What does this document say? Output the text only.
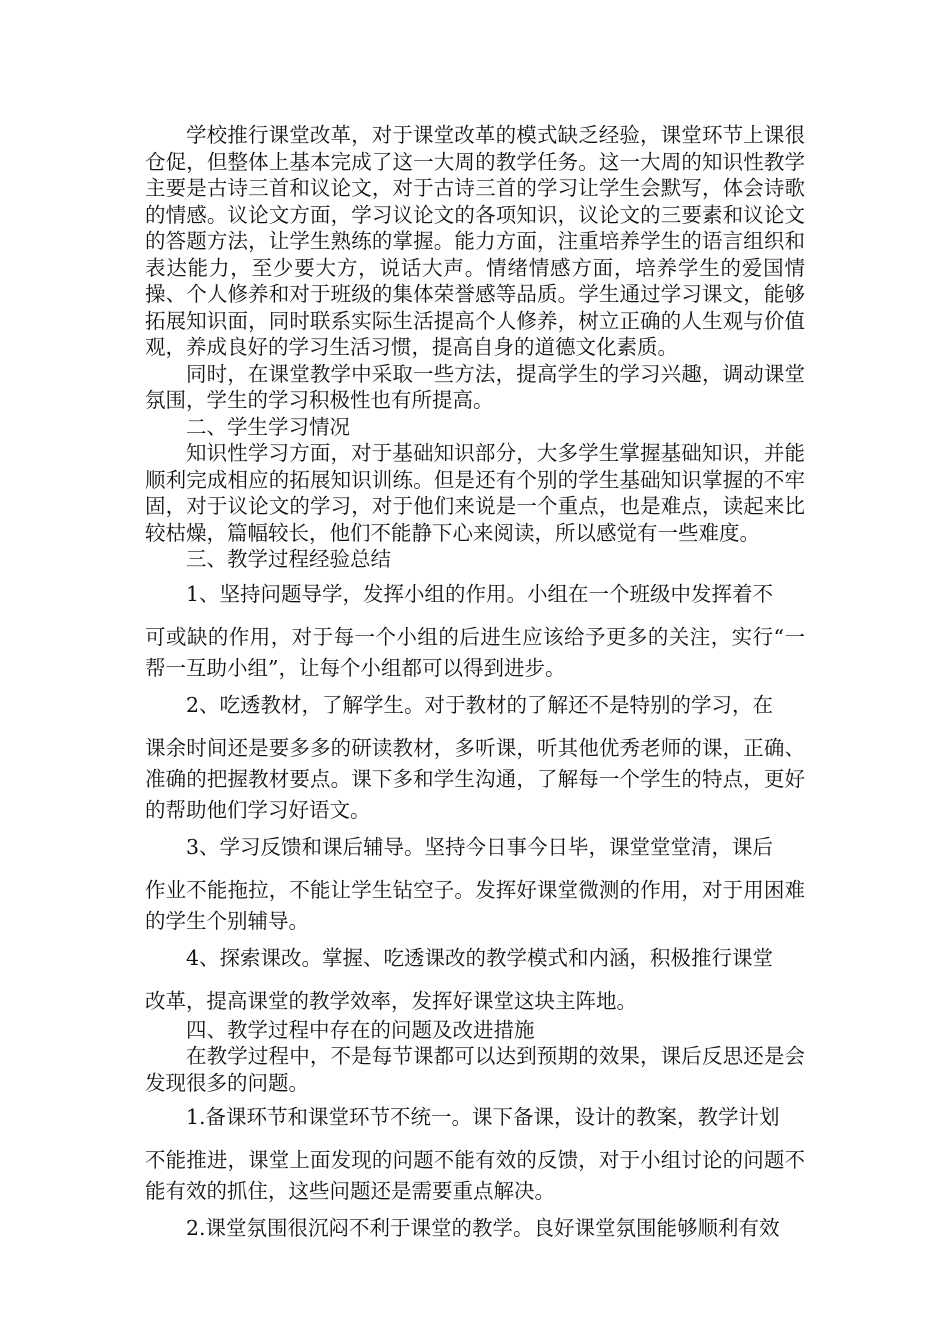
学校推行课堂改革，对于课堂改革的模式缺乏经验，课堂环节上课很仓促，但整体上基本完成了这一大周的教学任务。这一大周的知识性教学主要是古诗三首和议论文，对于古诗三首的学习让学生会默写，体会诗歌的情感。议论文方面，学习议论文的各项知识，议论文的三要素和议论文的答题方法，让学生熟练的掌握。能力方面，注重培养学生的语言组织和表达能力，至少要大方，说话大声。情绪情感方面，培养学生的爱国情操、个人修养和对于班级的集体荣誉感等品质。学生通过学习课文，能够拓展知识面，同时联系实际生活提高个人修养，树立正确的人生观与价值观，养成良好的学习生活习惯，提高自身的道德文化素质。

同时，在课堂教学中采取一些方法，提高学生的学习兴趣，调动课堂氛围，学生的学习积极性也有所提高。

二、学生学习情况

知识性学习方面，对于基础知识部分，大多学生掌握基础知识，并能顺利完成相应的拓展知识训练。但是还有个别的学生基础知识掌握的不牢固，对于议论文的学习，对于他们来说是一个重点，也是难点，读起来比较枯燥，篇幅较长，他们不能静下心来阅读，所以感觉有一些难度。

三、教学过程经验总结

1、坚持问题导学，发挥小组的作用。小组在一个班级中发挥着不
可或缺的作用，对于每一个小组的后进生应该给予更多的关注，实行“一帮一互助小组”，让每个小组都可以得到进步。

2、吃透教材，了解学生。对于教材的了解还不是特别的学习，在
课余时间还是要多多的研读教材，多听课，听其他优秀老师的课，正确、准确的把握教材要点。课下多和学生沟通，了解每一个学生的特点，更好的帮助他们学习好语文。

3、学习反馈和课后辅导。坚持今日事今日毕，课堂堂堂清，课后
作业不能拖拉，不能让学生钻空子。发挥好课堂微测的作用，对于用困难的学生个别辅导。

4、探索课改。掌握、吃透课改的教学模式和内涵，积极推行课堂
改革，提高课堂的教学效率，发挥好课堂这块主阵地。

四、教学过程中存在的问题及改进措施

在教学过程中，不是每节课都可以达到预期的效果，课后反思还是会发现很多的问题。

1.备课环节和课堂环节不统一。课下备课，设计的教案，教学计划
不能推进，课堂上面发现的问题不能有效的反馈，对于小组讨论的问题不能有效的抓住，这些问题还是需要重点解决。

2.课堂氛围很沉闷不利于课堂的教学。良好课堂氛围能够顺利有效
